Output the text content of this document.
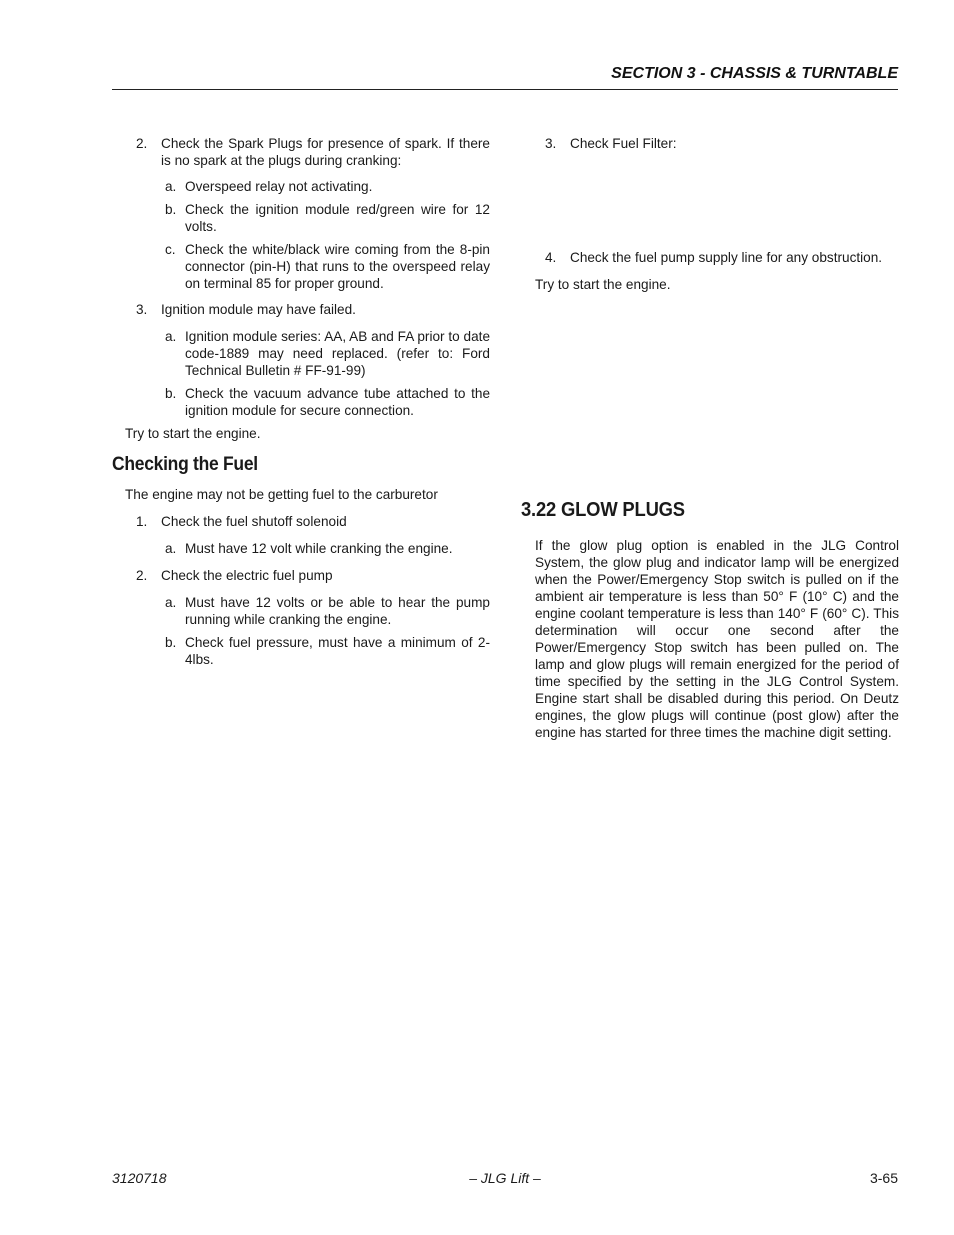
SECTION 3 - CHASSIS & TURNTABLE
2. Check the Spark Plugs for presence of spark. If there is no spark at the plugs during cranking:
a. Overspeed relay not activating.
b. Check the ignition module red/green wire for 12 volts.
c. Check the white/black wire coming from the 8-pin connector (pin-H) that runs to the overspeed relay on terminal 85 for proper ground.
3. Ignition module may have failed.
a. Ignition module series: AA, AB and FA prior to date code-1889 may need replaced. (refer to: Ford Technical Bulletin # FF-91-99)
b. Check the vacuum advance tube attached to the ignition module for secure connection.
Try to start the engine.
Checking the Fuel
The engine may not be getting fuel to the carburetor
1. Check the fuel shutoff solenoid
a. Must have 12 volt while cranking the engine.
2. Check the electric fuel pump
a. Must have 12 volts or be able to hear the pump running while cranking the engine.
b. Check fuel pressure, must have a minimum of 2-4lbs.
3. Check Fuel Filter:
4. Check the fuel pump supply line for any obstruction.
Try to start the engine.
3.22 GLOW PLUGS
If the glow plug option is enabled in the JLG Control System, the glow plug and indicator lamp will be energized when the Power/Emergency Stop switch is pulled on if the ambient air temperature is less than 50° F (10° C) and the engine coolant temperature is less than 140° F (60° C). This determination will occur one second after the Power/Emergency Stop switch has been pulled on. The lamp and glow plugs will remain energized for the period of time specified by the setting in the JLG Control System. Engine start shall be disabled during this period. On Deutz engines, the glow plugs will continue (post glow) after the engine has started for three times the machine digit setting.
3120718	– JLG Lift –	3-65
